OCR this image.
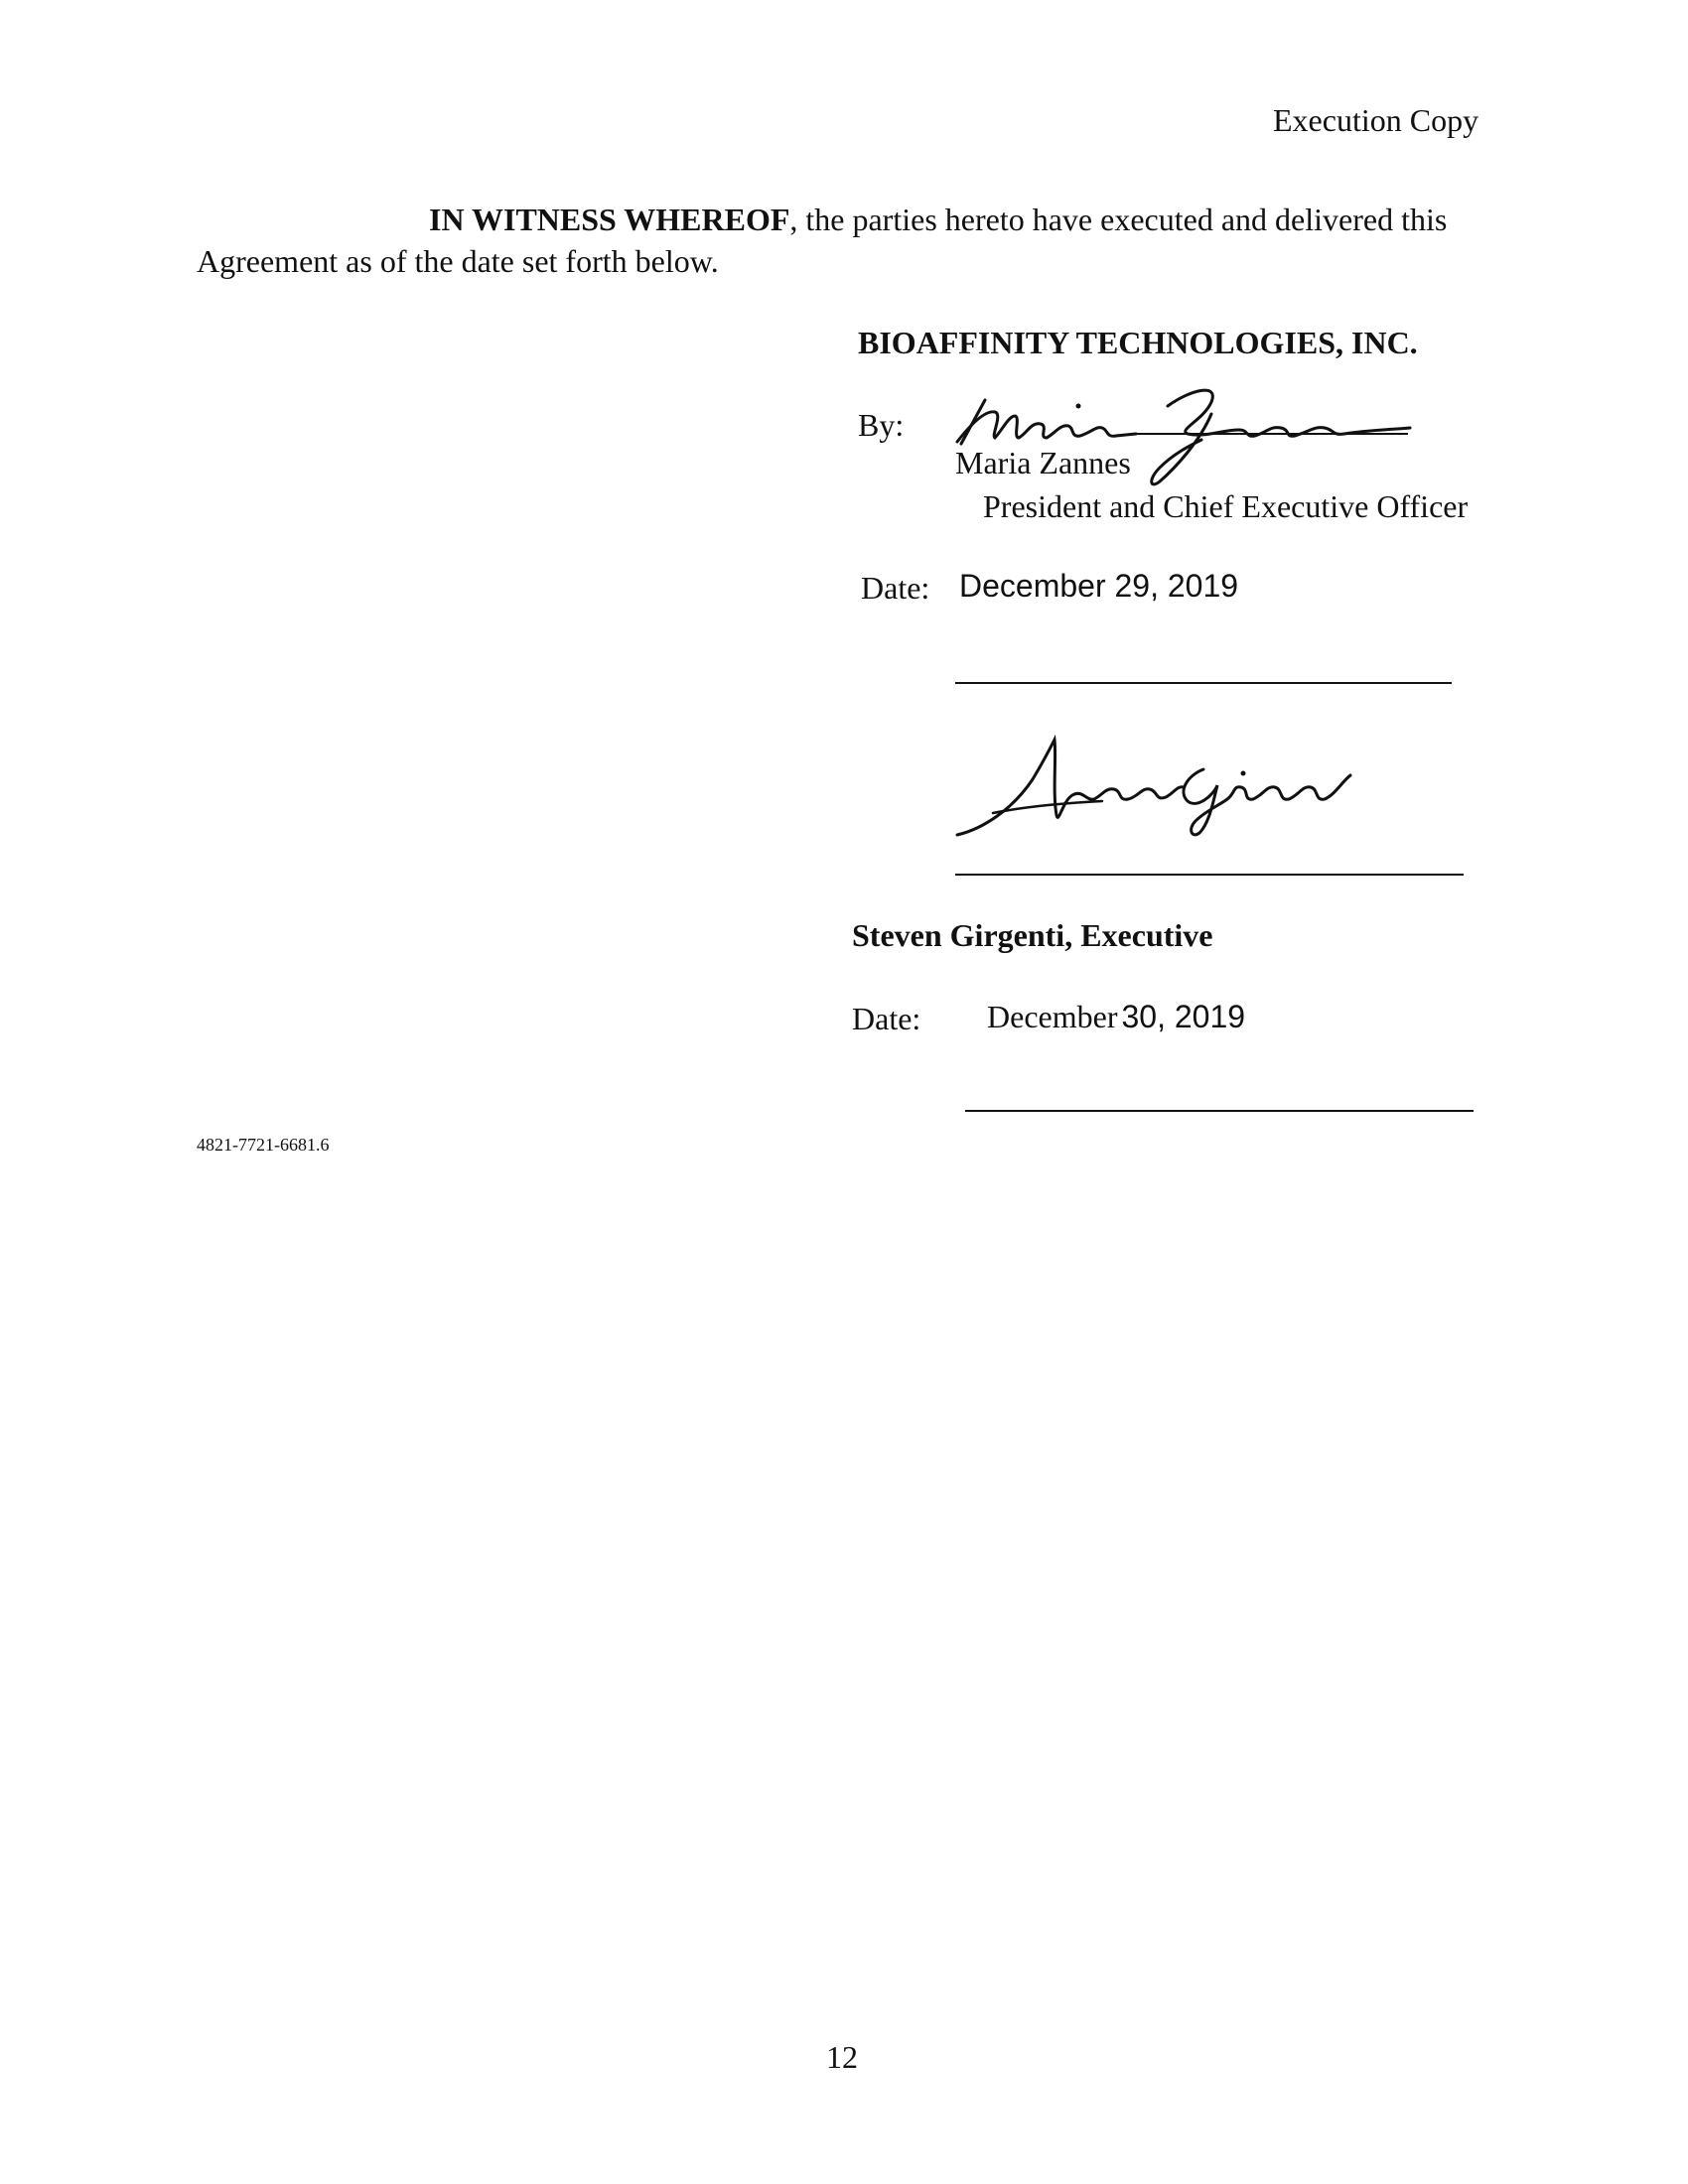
Execution Copy
IN WITNESS WHEREOF, the parties hereto have executed and delivered this
Agreement as of the date set forth below.
BIOAFFINITY TECHNOLOGIES, INC.
By:
Maria Zannes
President and Chief Executive Officer
Date: December 29, 2019
Steven Girgenti, Executive
Date: December 30, 2019
4821-7721-6681.6
12
